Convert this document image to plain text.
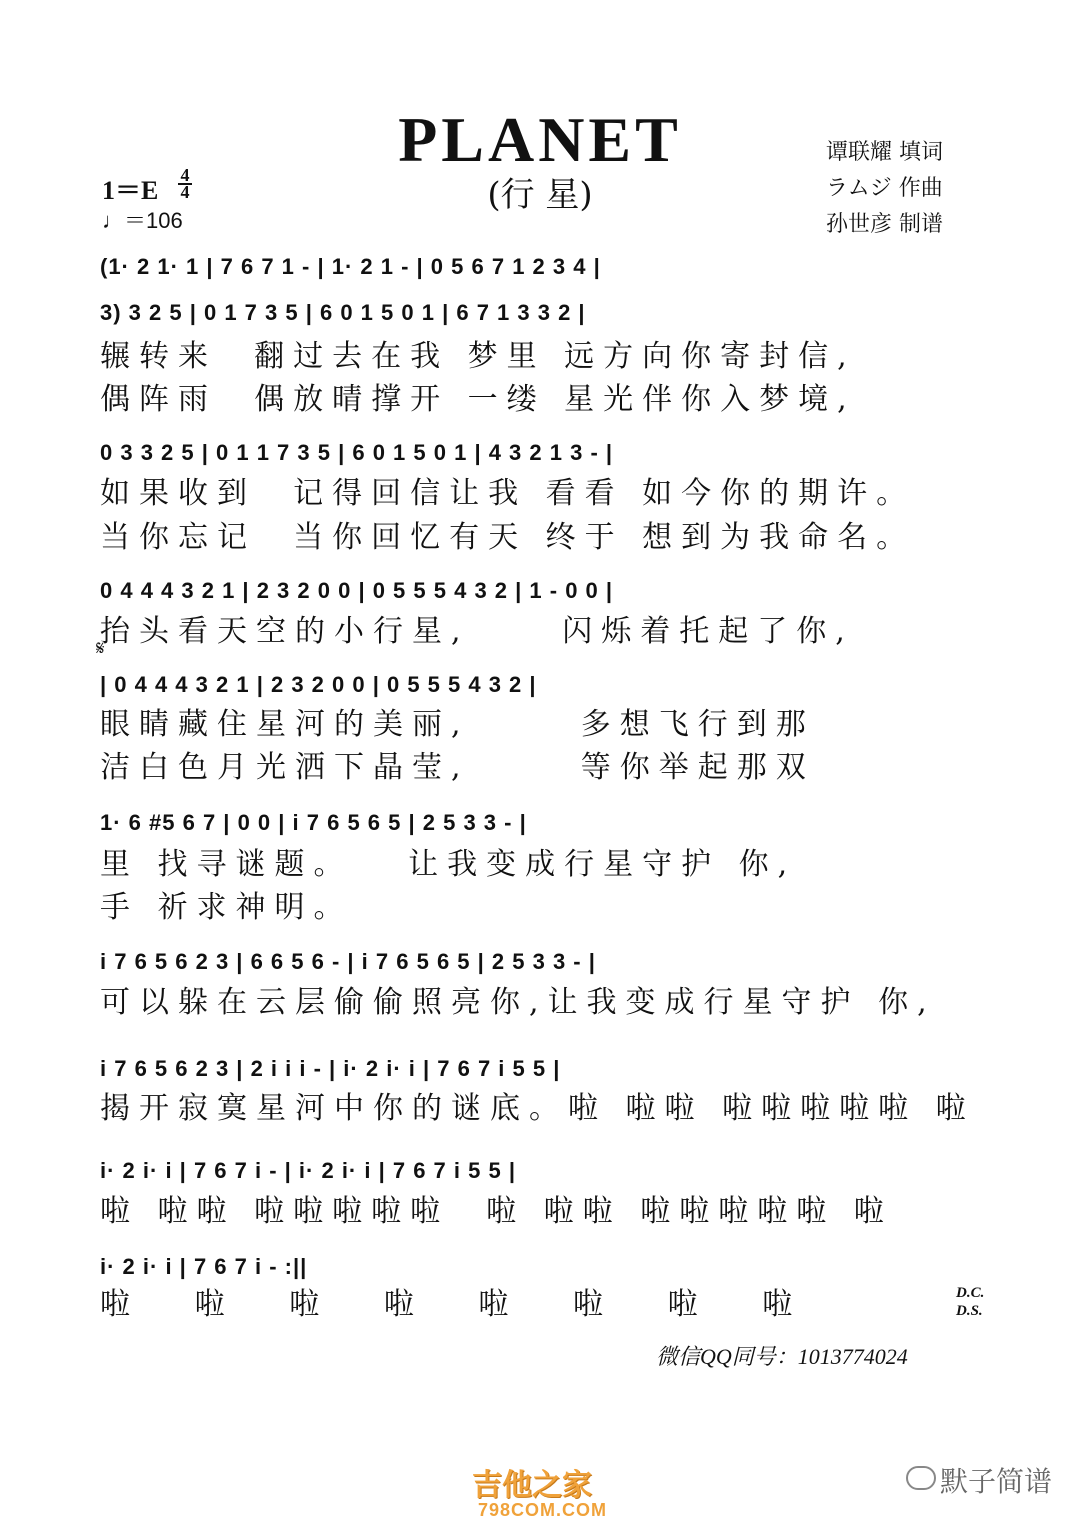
PLANET
(行 星)
谭联耀 填词
ラムジ 作曲
孙世彦 制谱
1＝E
4
4
♩＝106
(1· 2 1· 1 | 7 6 7 1 - | 1· 2 1 - | 0 5 6 7 1 2 3 4 |
3) 3 2 5 | 0 1 7 3 5 | 6 0 1 5 0 1 | 6 7 1 3 3 2 |
辗转来  翻过去在我 梦里 远方向你寄封信,
偶阵雨  偶放晴撑开 一缕 星光伴你入梦境,
0 3 3 2 5 | 0 1 1 7 3 5 | 6 0 1 5 0 1 | 4 3 2 1 3 - |
如果收到  记得回信让我 看看 如今你的期许。
当你忘记  当你回忆有天 终于 想到为我命名。
0 4 4 4 3 2 1 | 2 3 2 0 0 | 0 5 5 5 4 3 2 | 1 - 0 0 |
抬头看天空的小行星,     闪烁着托起了你,
𝄋
| 0 4 4 4 3 2 1 | 2 3 2 0 0 | 0 5 5 5 4 3 2 |
眼睛藏住星河的美丽,      多想飞行到那
洁白色月光洒下晶莹,      等你举起那双
1· 6 #5 6 7 | 0 0 | i 7 6 5 6 5 | 2 5 3 3 - |
里 找寻谜题。   让我变成行星守护 你,
手 祈求神明。
i 7 6 5 6 2 3 | 6 6 5 6 - | i 7 6 5 6 5 | 2 5 3 3 - |
可以躲在云层偷偷照亮你,让我变成行星守护 你,
i 7 6 5 6 2 3 | 2 i i i - | i· 2 i· i | 7 6 7 i 5 5 |
揭开寂寞星河中你的谜底。啦 啦啦 啦啦啦啦啦 啦
i· 2 i· i | 7 6 7 i - | i· 2 i· i | 7 6 7 i 5 5 |
啦 啦啦 啦啦啦啦啦  啦 啦啦 啦啦啦啦啦 啦
i· 2 i· i | 7 6 7 i - :||
啦   啦   啦   啦   啦   啦   啦   啦	D.C.
D.S.
微信QQ同号：1013774024
吉他之家
798COM.COM
默子简谱
